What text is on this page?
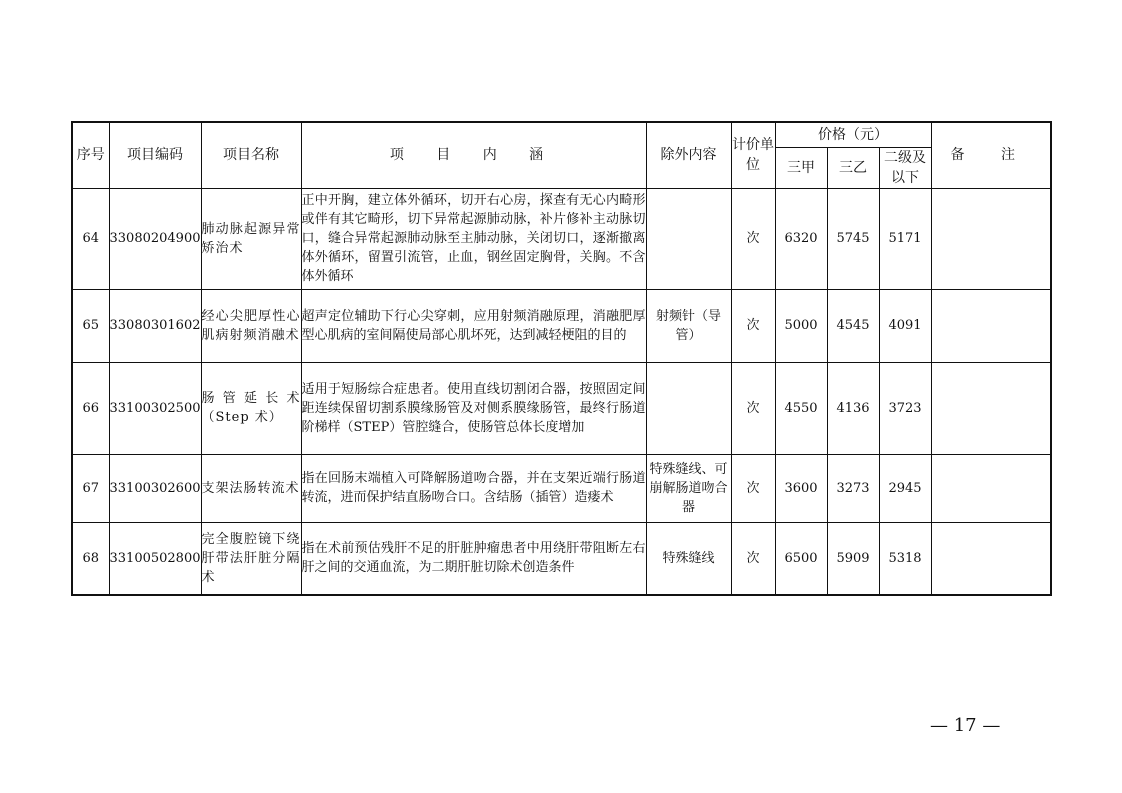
序号	项目编码	项目名称	项 目 内 涵	除外内容	计价单位	价格（元）			备 注
						三甲	三乙	二级及以下	
64	33080204900	肺动脉起源异常矫治术	正中开胸，建立体外循环，切开右心房，探查有无心内畸形或伴有其它畸形，切下异常起源肺动脉，补片修补主动脉切口，缝合异常起源肺动脉至主肺动脉，关闭切口，逐渐撤离体外循环，留置引流管，止血，钢丝固定胸骨，关胸。不含体外循环		次	6320	5745	5171	
65	33080301602	经心尖肥厚性心肌病射频消融术	超声定位辅助下行心尖穿刺，应用射频消融原理，消融肥厚型心肌病的室间隔使局部心肌坏死，达到减轻梗阻的目的	射频针（导管）	次	5000	4545	4091	
66	33100302500	肠管延长术（Step 术）	适用于短肠综合症患者。使用直线切割闭合器，按照固定间距连续保留切割系膜缘肠管及对侧系膜缘肠管，最终行肠道阶梯样（STEP）管腔缝合，使肠管总体长度增加		次	4550	4136	3723	
67	33100302600	支架法肠转流术	指在回肠末端植入可降解肠道吻合器，并在支架近端行肠道转流，进而保护结直肠吻合口。含结肠（插管）造瘘术	特殊缝线、可崩解肠道吻合器	次	3600	3273	2945	
68	33100502800	完全腹腔镜下绕肝带法肝脏分隔术	指在术前预估残肝不足的肝脏肿瘤患者中用绕肝带阻断左右肝之间的交通血流，为二期肝脏切除术创造条件	特殊缝线	次	6500	5909	5318	
— 17 —
